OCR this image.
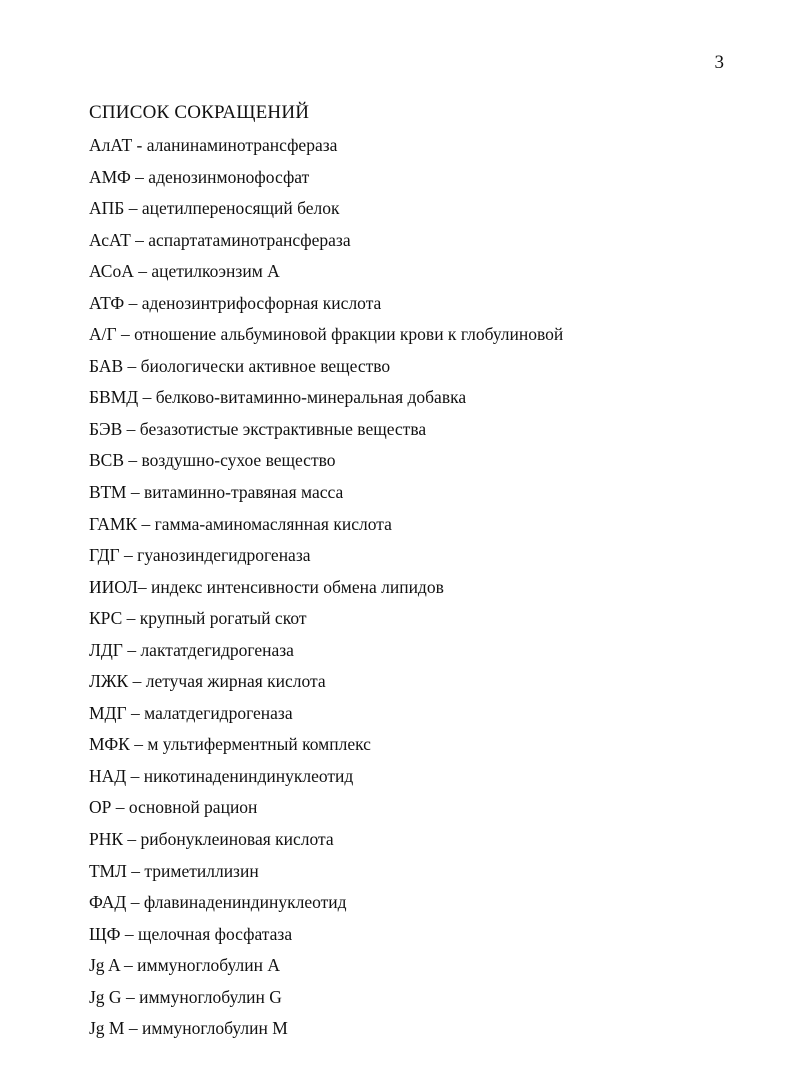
3
СПИСОК СОКРАЩЕНИЙ
АлАТ - аланинаминотрансфераза
АМФ – аденозинмонофосфат
АПБ – ацетилпереносящий белок
АсАТ – аспартатаминотрансфераза
АСоА – ацетилкоэнзим А
АТФ – аденозинтрифосфорная кислота
А/Г – отношение альбуминовой фракции крови к глобулиновой
БАВ – биологически активное вещество
БВМД – белково-витаминно-минеральная добавка
БЭВ – безазотистые экстрактивные вещества
ВСВ – воздушно-сухое вещество
ВТМ – витаминно-травяная масса
ГАМК – гамма-аминомаслянная кислота
ГДГ – гуанозиндегидрогеназа
ИИОЛ– индекс интенсивности обмена липидов
КРС – крупный рогатый скот
ЛДГ – лактатдегидрогеназа
ЛЖК – летучая жирная кислота
МДГ – малатдегидрогеназа
МФК – м ультиферментный комплекс
НАД – никотинадениндинуклеотид
ОР – основной рацион
РНК – рибонуклеиновая кислота
ТМЛ – триметиллизин
ФАД – флавинадениндинуклеотид
ЩФ – щелочная фосфатаза
Jg A – иммуноглобулин А
Jg G – иммуноглобулин G
Jg M – иммуноглобулин М
